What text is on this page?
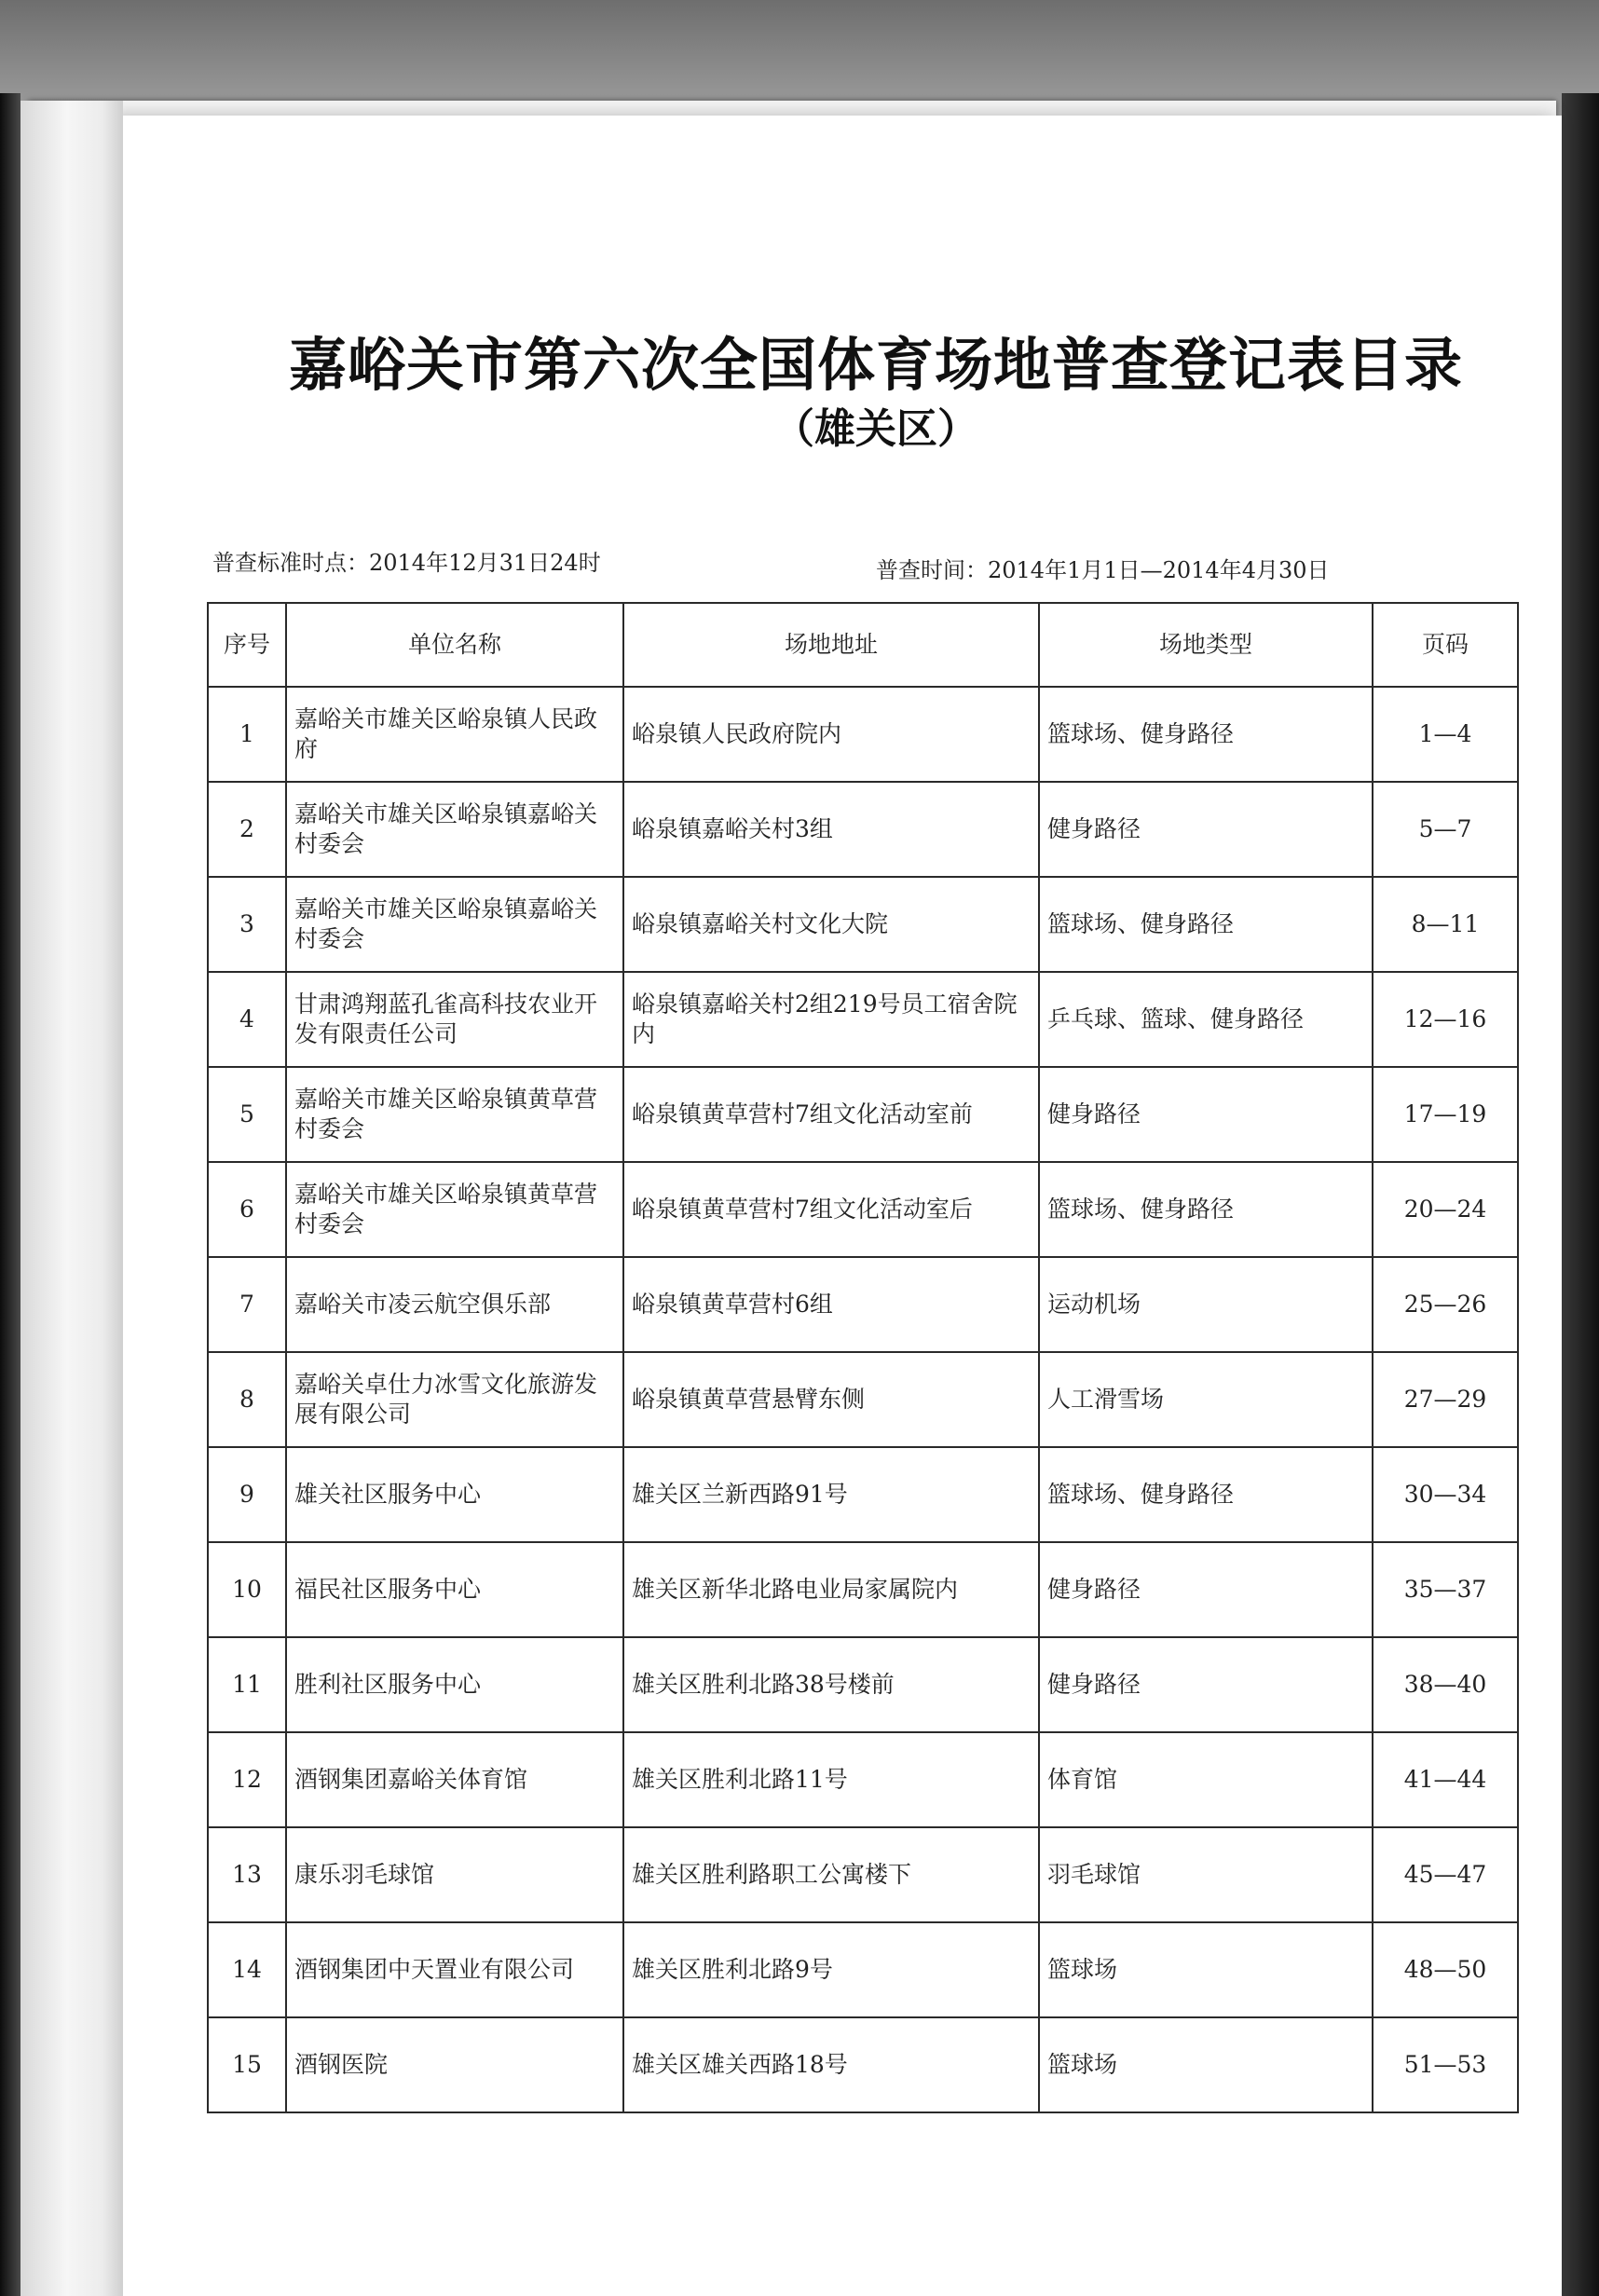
嘉峪关市第六次全国体育场地普查登记表目录
（雄关区）
普查标准时点：2014年12月31日24时	普查时间：2014年1月1日—2014年4月30日
序号	单位名称	场地地址	场地类型	页码
1	嘉峪关市雄关区峪泉镇人民政府	峪泉镇人民政府院内	篮球场、健身路径	1—4
2	嘉峪关市雄关区峪泉镇嘉峪关村委会	峪泉镇嘉峪关村3组	健身路径	5—7
3	嘉峪关市雄关区峪泉镇嘉峪关村委会	峪泉镇嘉峪关村文化大院	篮球场、健身路径	8—11
4	甘肃鸿翔蓝孔雀高科技农业开发有限责任公司	峪泉镇嘉峪关村2组219号员工宿舍院内	乒乓球、篮球、健身路径	12—16
5	嘉峪关市雄关区峪泉镇黄草营村委会	峪泉镇黄草营村7组文化活动室前	健身路径	17—19
6	嘉峪关市雄关区峪泉镇黄草营村委会	峪泉镇黄草营村7组文化活动室后	篮球场、健身路径	20—24
7	嘉峪关市凌云航空俱乐部	峪泉镇黄草营村6组	运动机场	25—26
8	嘉峪关卓仕力冰雪文化旅游发展有限公司	峪泉镇黄草营悬臂东侧	人工滑雪场	27—29
9	雄关社区服务中心	雄关区兰新西路91号	篮球场、健身路径	30—34
10	福民社区服务中心	雄关区新华北路电业局家属院内	健身路径	35—37
11	胜利社区服务中心	雄关区胜利北路38号楼前	健身路径	38—40
12	酒钢集团嘉峪关体育馆	雄关区胜利北路11号	体育馆	41—44
13	康乐羽毛球馆	雄关区胜利路职工公寓楼下	羽毛球馆	45—47
14	酒钢集团中天置业有限公司	雄关区胜利北路9号	篮球场	48—50
15	酒钢医院	雄关区雄关西路18号	篮球场	51—53
